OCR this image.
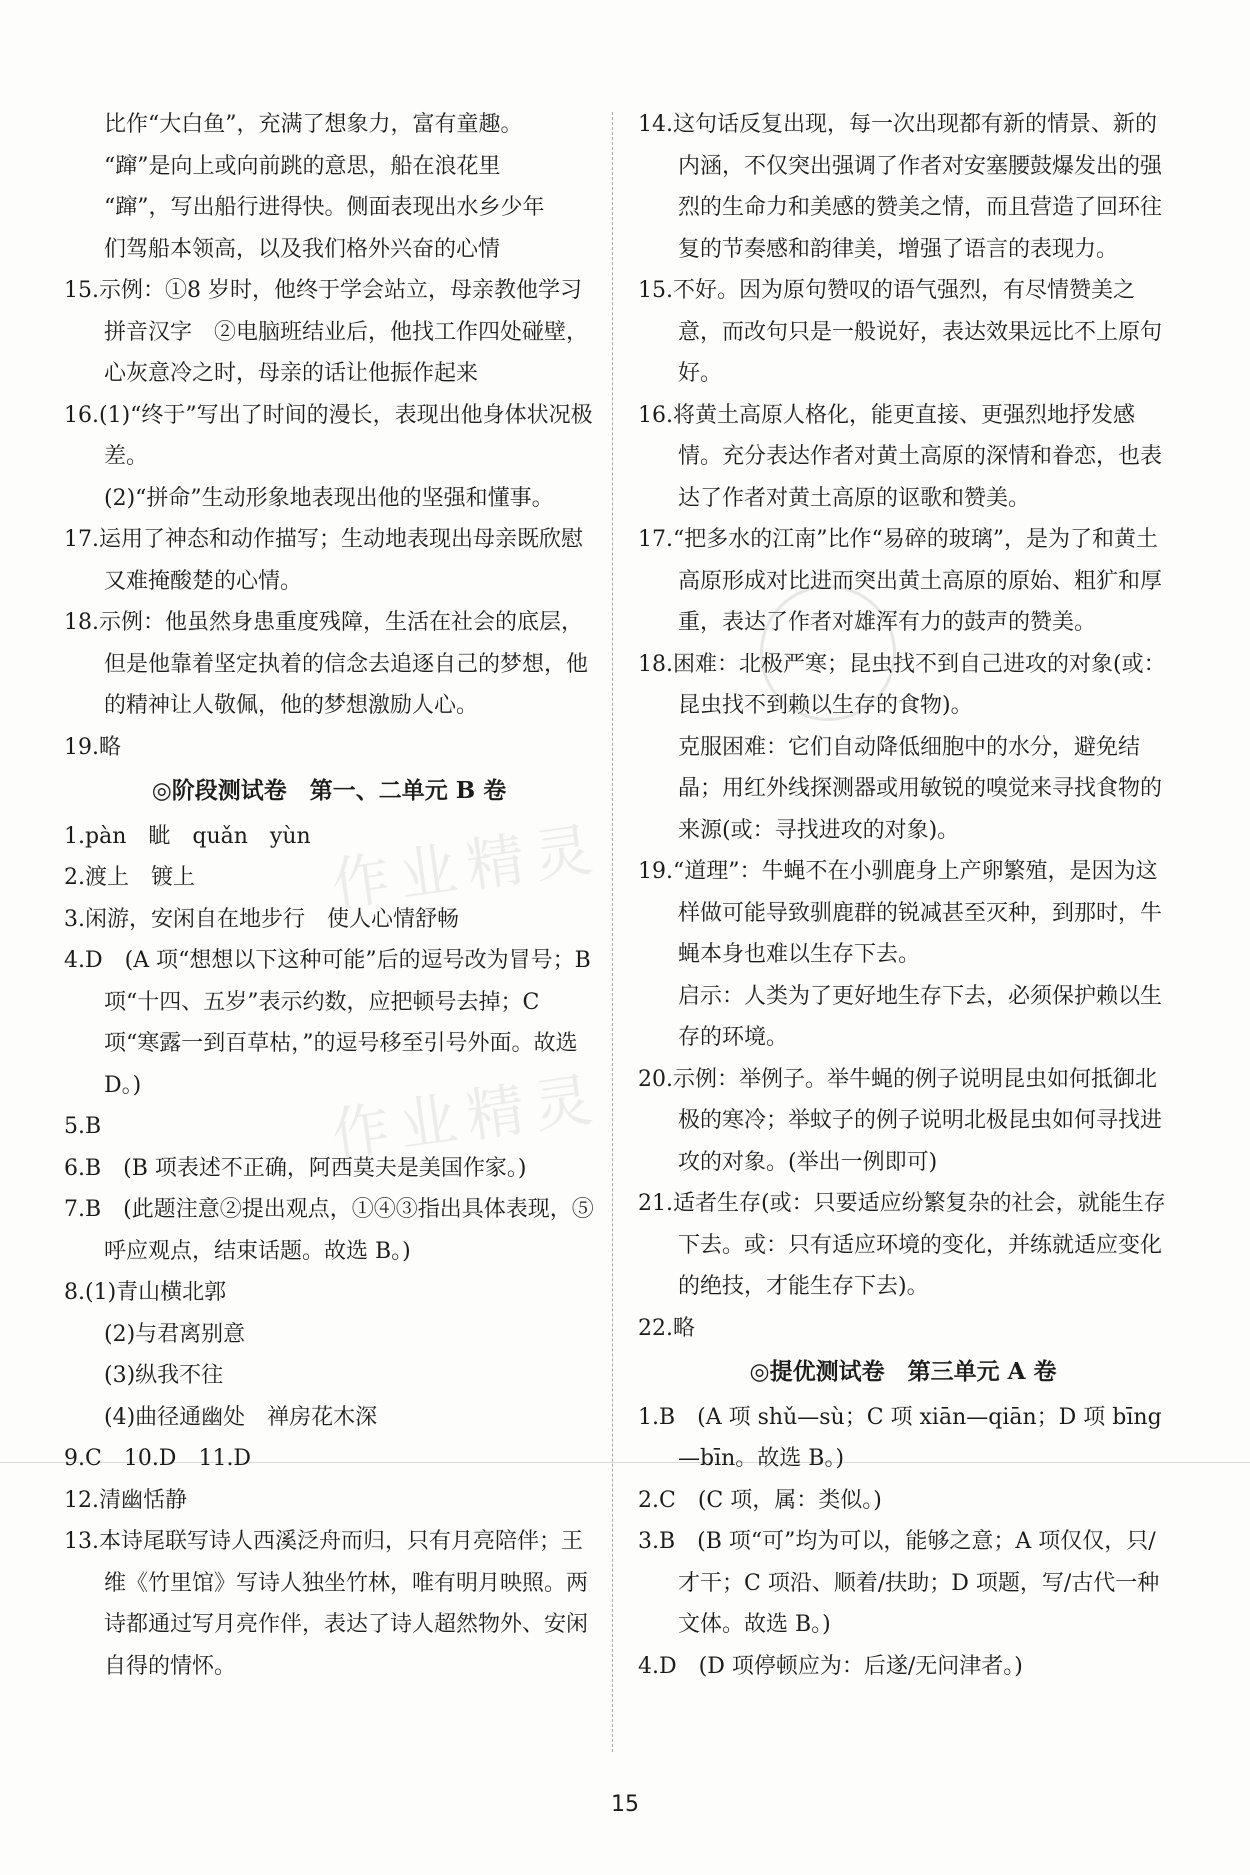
作业精灵
作业精灵

比作“大白鱼”，充满了想象力，富有童趣。

“蹿”是向上或向前跳的意思，船在浪花里

“蹿”，写出船行进得快。侧面表现出水乡少年

们驾船本领高，以及我们格外兴奋的心情

15.示例：①8 岁时，他终于学会站立，母亲教他学习拼音汉字　②电脑班结业后，他找工作四处碰壁，心灰意冷之时，母亲的话让他振作起来

16.(1)“终于”写出了时间的漫长，表现出他身体状况极差。

(2)“拼命”生动形象地表现出他的坚强和懂事。

17.运用了神态和动作描写；生动地表现出母亲既欣慰又难掩酸楚的心情。

18.示例：他虽然身患重度残障，生活在社会的底层，但是他靠着坚定执着的信念去追逐自己的梦想，他的精神让人敬佩，他的梦想激励人心。

19.略

◎阶段测试卷　第一、二单元 B 卷

1.pàn　眦　quǎn　yùn

2.渡上　镀上

3.闲游，安闲自在地步行　使人心情舒畅

4.D　(A 项“想想以下这种可能”后的逗号改为冒号；B 项“十四、五岁”表示约数，应把顿号去掉；C 项“寒露一到百草枯，”的逗号移至引号外面。故选 D。)

5.B

6.B　(B 项表述不正确，阿西莫夫是美国作家。)

7.B　(此题注意②提出观点，①④③指出具体表现，⑤呼应观点，结束话题。故选 B。)

8.(1)青山横北郭

(2)与君离别意

(3)纵我不往

(4)曲径通幽处　禅房花木深

9.C　10.D　11.D

12.清幽恬静

13.本诗尾联写诗人西溪泛舟而归，只有月亮陪伴；王维《竹里馆》写诗人独坐竹林，唯有明月映照。两诗都通过写月亮作伴，表达了诗人超然物外、安闲自得的情怀。

14.这句话反复出现，每一次出现都有新的情景、新的内涵，不仅突出强调了作者对安塞腰鼓爆发出的强烈的生命力和美感的赞美之情，而且营造了回环往复的节奏感和韵律美，增强了语言的表现力。

15.不好。因为原句赞叹的语气强烈，有尽情赞美之意，而改句只是一般说好，表达效果远比不上原句好。

16.将黄土高原人格化，能更直接、更强烈地抒发感情。充分表达作者对黄土高原的深情和眷恋，也表达了作者对黄土高原的讴歌和赞美。

17.“把多水的江南”比作“易碎的玻璃”，是为了和黄土高原形成对比进而突出黄土高原的原始、粗犷和厚重，表达了作者对雄浑有力的鼓声的赞美。

18.困难：北极严寒；昆虫找不到自己进攻的对象(或：昆虫找不到赖以生存的食物)。

克服困难：它们自动降低细胞中的水分，避免结晶；用红外线探测器或用敏锐的嗅觉来寻找食物的来源(或：寻找进攻的对象)。

19.“道理”：牛蝇不在小驯鹿身上产卵繁殖，是因为这样做可能导致驯鹿群的锐减甚至灭种，到那时，牛蝇本身也难以生存下去。

启示：人类为了更好地生存下去，必须保护赖以生存的环境。

20.示例：举例子。举牛蝇的例子说明昆虫如何抵御北极的寒冷；举蚊子的例子说明北极昆虫如何寻找进攻的对象。(举出一例即可)

21.适者生存(或：只要适应纷繁复杂的社会，就能生存下去。或：只有适应环境的变化，并练就适应变化的绝技，才能生存下去)。

22.略

◎提优测试卷　第三单元 A 卷

1.B　(A 项 shǔ—sù；C 项 xiān—qiān；D 项 bīng—bīn。故选 B。)

2.C　(C 项，属：类似。)

3.B　(B 项“可”均为可以，能够之意；A 项仅仅，只/才干；C 项沿、顺着/扶助；D 项题，写/古代一种文体。故选 B。)

4.D　(D 项停顿应为：后遂/无问津者。)

15
